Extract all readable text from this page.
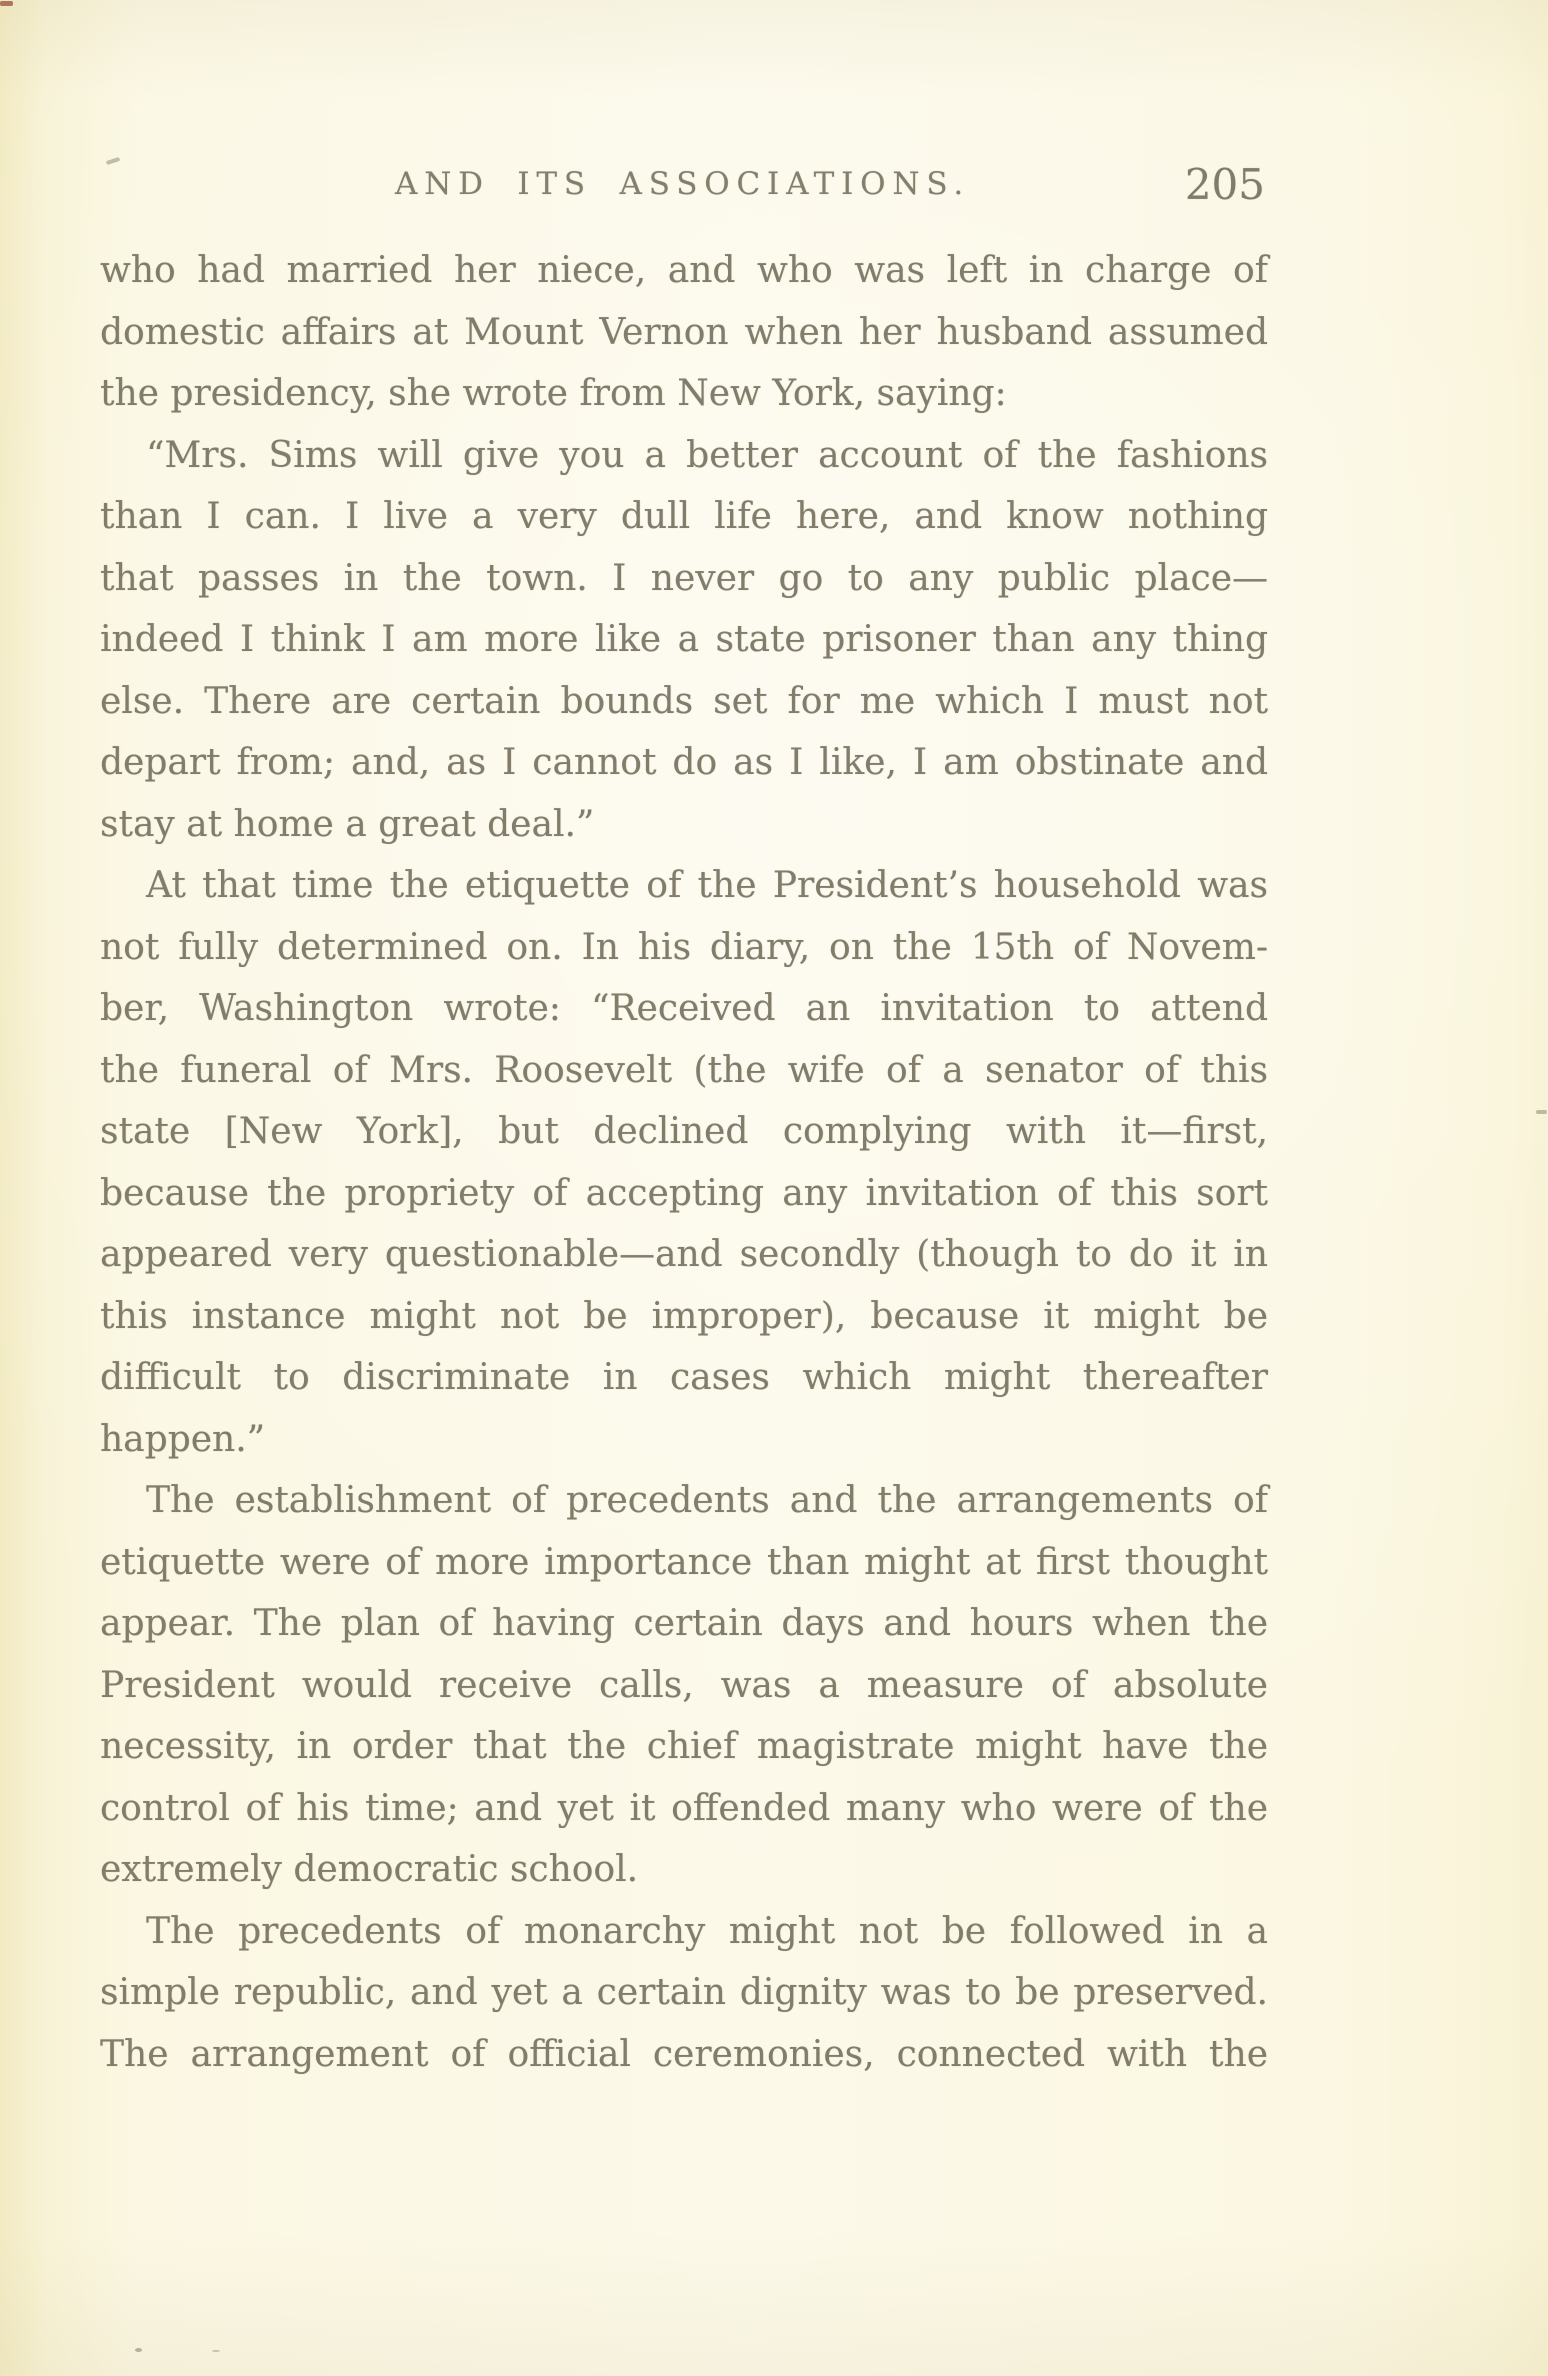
AND ITS ASSOCIATIONS.	205
who had married her niece, and who was left in charge of
domestic affairs at Mount Vernon when her husband assumed
the presidency, she wrote from New York, saying:
“Mrs. Sims will give you a better account of the fashions
than I can. I live a very dull life here, and know nothing
that passes in the town. I never go to any public place—
indeed I think I am more like a state prisoner than any thing
else. There are certain bounds set for me which I must not
depart from; and, as I cannot do as I like, I am obstinate and
stay at home a great deal.”
At that time the etiquette of the President’s household was
not fully determined on. In his diary, on the 15th of Novem-
ber, Washington wrote: “Received an invitation to attend
the funeral of Mrs. Roosevelt (the wife of a senator of this
state [New York], but declined complying with it—first,
because the propriety of accepting any invitation of this sort
appeared very questionable—and secondly (though to do it in
this instance might not be improper), because it might be
difficult to discriminate in cases which might thereafter
happen.”
The establishment of precedents and the arrangements of
etiquette were of more importance than might at first thought
appear. The plan of having certain days and hours when the
President would receive calls, was a measure of absolute
necessity, in order that the chief magistrate might have the
control of his time; and yet it offended many who were of the
extremely democratic school.
The precedents of monarchy might not be followed in a
simple republic, and yet a certain dignity was to be preserved.
The arrangement of official ceremonies, connected with the
